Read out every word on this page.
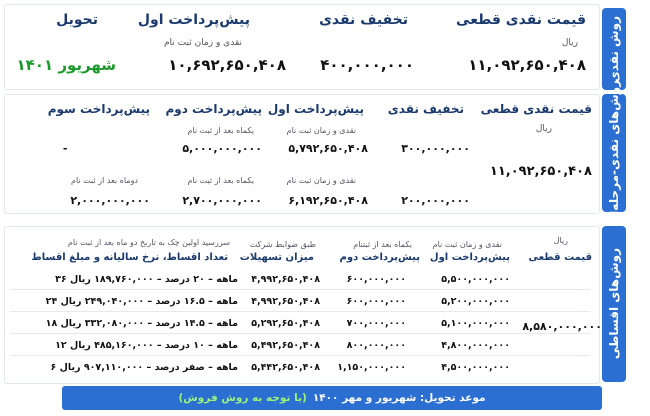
روش نقدی
قیمت نقدی قطعی
ریال
۱۱,۰۹۲,۶۵۰,۴۰۸
تخفیف نقدی
۴۰۰,۰۰۰,۰۰۰
پیش‌پرداخت اول
نقدی و زمان ثبت نام
۱۰,۶۹۲,۶۵۰,۴۰۸
تحویل
شهریور ۱۴۰۱
روش‌های نقدی-مرحله‌ای
قیمت نقدی قطعی
ریال
۱۱,۰۹۲,۶۵۰,۴۰۸
تخفیف نقدی
پیش‌پرداخت اول
پیش‌پرداخت دوم
پیش‌پرداخت سوم
نقدی و زمان ثبت نام
یکماه بعد از ثبت نام
۳۰۰,۰۰۰,۰۰۰
۵,۷۹۲,۶۵۰,۴۰۸
۵,۰۰۰,۰۰۰,۰۰۰
-
نقدی و زمان ثبت نام
یکماه بعد از ثبت نام
دوماه بعد از ثبت نام
۲۰۰,۰۰۰,۰۰۰
۶,۱۹۲,۶۵۰,۴۰۸
۲,۷۰۰,۰۰۰,۰۰۰
۲,۰۰۰,۰۰۰,۰۰۰
روش‌های اقساطی
ریال
قیمت قطعی
نقدی و زمان ثبت نام
پیش‌پرداخت اول
یکماه بعد از ثبتنام
پیش‌پرداخت دوم
طبق ضوابط شرکت
میزان تسهیلات
سررسید اولین چک به تاریخ دو ماه بعد از ثبت نام
تعداد اقساط، نرخ سالیانه و مبلغ اقساط
۸,۵۸۰,۰۰۰,۰۰۰
۵,۵۰۰,۰۰۰,۰۰۰
۶۰۰,۰۰۰,۰۰۰
۴,۹۹۲,۶۵۰,۴۰۸
۳۶ ماهه – ۲۰ درصد – ۱۸۹,۷۶۰,۰۰۰ ریال
۵,۲۰۰,۰۰۰,۰۰۰
۶۰۰,۰۰۰,۰۰۰
۴,۹۹۲,۶۵۰,۴۰۸
۲۴ ماهه – ۱۶.۵ درصد – ۲۴۹,۰۴۰,۰۰۰ ریال
۵,۱۰۰,۰۰۰,۰۰۰
۷۰۰,۰۰۰,۰۰۰
۵,۲۹۲,۶۵۰,۴۰۸
۱۸ ماهه – ۱۴.۵ درصد – ۳۳۲,۰۸۰,۰۰۰ ریال
۴,۸۰۰,۰۰۰,۰۰۰
۸۰۰,۰۰۰,۰۰۰
۵,۴۹۲,۶۵۰,۴۰۸
۱۲ ماهه – ۱۰ درصد – ۴۸۵,۱۶۰,۰۰۰ ریال
۴,۵۰۰,۰۰۰,۰۰۰
۱,۱۵۰,۰۰۰,۰۰۰
۵,۴۴۲,۶۵۰,۴۰۸
۶ ماهه – صفر درصد – ۹۰۷,۱۱۰,۰۰۰ ریال
موعد تحویل: شهریور و مهر ۱۴۰۰
(با توجه به روش فروش)
